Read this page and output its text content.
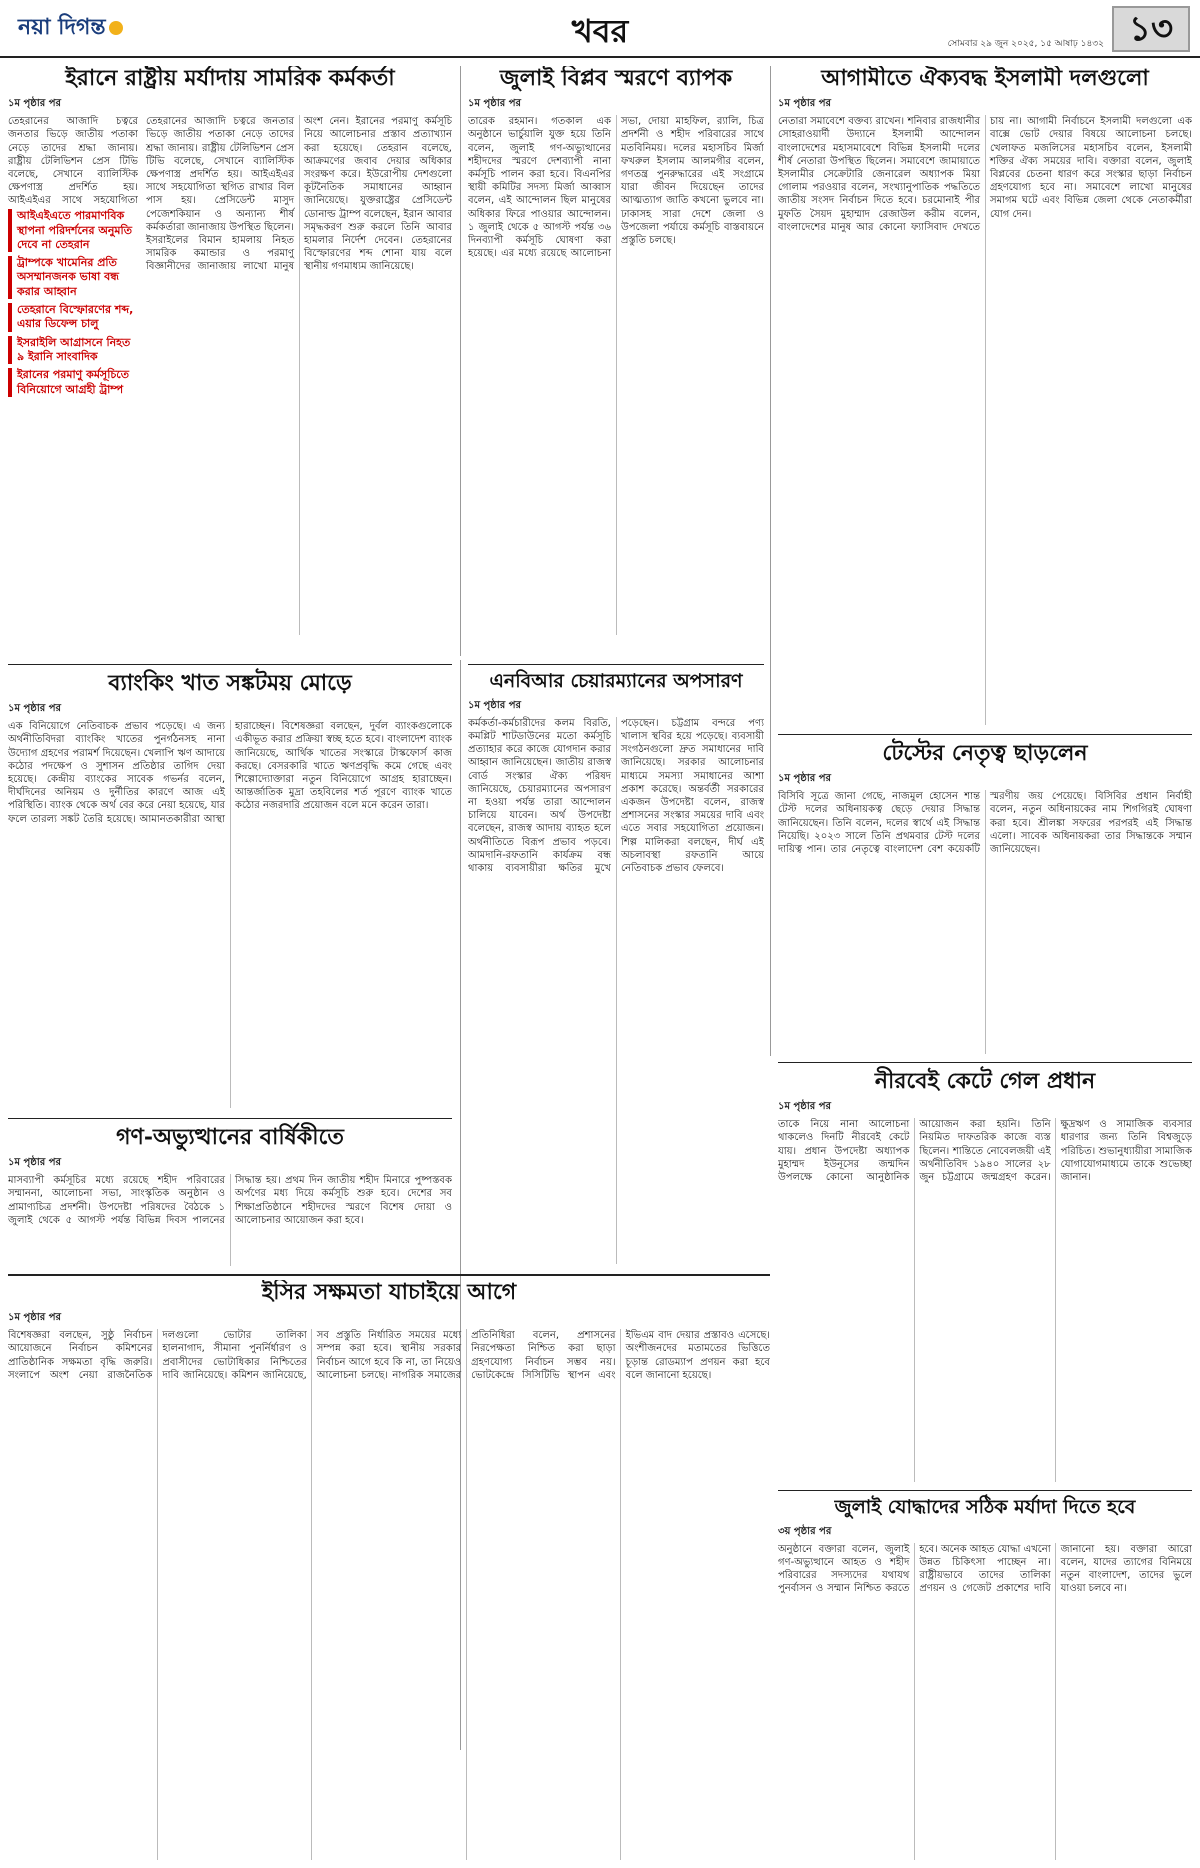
নয়া দিগন্ত	খবর	সোমবার ২৯ জুন ২০২৫, ১৫ আষাঢ় ১৪৩২ ১৩
ইরানে রাষ্ট্রীয় মর্যাদায় সামরিক কর্মকর্তা
১ম পৃষ্ঠার পর
তেহরানের আজাদি চত্বরে জনতার ভিড়ে জাতীয় পতাকা নেড়ে তাদের শ্রদ্ধা জানায়। রাষ্ট্রীয় টেলিভিশন প্রেস টিভি বলেছে, সেখানে ব্যালিস্টিক ক্ষেপণাস্ত্র প্রদর্শিত হয়। আইএইএর সাথে সহযোগিতা
আইএইএতে পারমাণবিক স্থাপনা পরিদর্শনের অনুমতি দেবে না তেহরান
ট্রাম্পকে খামেনির প্রতি অসম্মানজনক ভাষা বন্ধ করার আহ্বান
তেহরানে বিস্ফোরণের শব্দ, এয়ার ডিফেন্স চালু
ইসরাইলি আগ্রাসনে নিহত ৯ ইরানি সাংবাদিক
ইরানের পরমাণু কর্মসূচিতে বিনিয়োগে আগ্রহী ট্রাম্প
তেহরানের আজাদি চত্বরে জনতার ভিড়ে জাতীয় পতাকা নেড়ে তাদের শ্রদ্ধা জানায়। রাষ্ট্রীয় টেলিভিশন প্রেস টিভি বলেছে, সেখানে ব্যালিস্টিক ক্ষেপণাস্ত্র প্রদর্শিত হয়। আইএইএর সাথে সহযোগিতা স্থগিত রাখার বিল পাস হয়। প্রেসিডেন্ট মাসুদ পেজেশকিয়ান ও অন্যান্য শীর্ষ কর্মকর্তারা জানাজায় উপস্থিত ছিলেন। ইসরাইলের বিমান হামলায় নিহত সামরিক কমান্ডার ও পরমাণু বিজ্ঞানীদের জানাজায় লাখো মানুষ অংশ নেন। ইরানের পরমাণু কর্মসূচি নিয়ে আলোচনার প্রস্তাব প্রত্যাখ্যান করা হয়েছে। তেহরান বলেছে, আক্রমণের জবাব দেয়ার অধিকার সংরক্ষণ করে। ইউরোপীয় দেশগুলো কূটনৈতিক সমাধানের আহ্বান জানিয়েছে। যুক্তরাষ্ট্রের প্রেসিডেন্ট ডোনাল্ড ট্রাম্প বলেছেন, ইরান আবার সমৃদ্ধকরণ শুরু করলে তিনি আবার হামলার নির্দেশ দেবেন। তেহরানের বিস্ফোরণের শব্দ শোনা যায় বলে স্থানীয় গণমাধ্যম জানিয়েছে।
ব্যাংকিং খাত সঙ্কটময় মোড়ে
১ম পৃষ্ঠার পর
এক বিনিয়োগে নেতিবাচক প্রভাব পড়েছে। এ জন্য অর্থনীতিবিদরা ব্যাংকিং খাতের পুনর্গঠনসহ নানা উদ্যোগ গ্রহণের পরামর্শ দিয়েছেন। খেলাপি ঋণ আদায়ে কঠোর পদক্ষেপ ও সুশাসন প্রতিষ্ঠার তাগিদ দেয়া হয়েছে। কেন্দ্রীয় ব্যাংকের সাবেক গভর্নর বলেন, দীর্ঘদিনের অনিয়ম ও দুর্নীতির কারণে আজ এই পরিস্থিতি। ব্যাংক থেকে অর্থ বের করে নেয়া হয়েছে, যার ফলে তারল্য সঙ্কট তৈরি হয়েছে। আমানতকারীরা আস্থা হারাচ্ছেন। বিশেষজ্ঞরা বলছেন, দুর্বল ব্যাংকগুলোকে একীভূত করার প্রক্রিয়া স্বচ্ছ হতে হবে। বাংলাদেশ ব্যাংক জানিয়েছে, আর্থিক খাতের সংস্কারে টাস্কফোর্স কাজ করছে। বেসরকারি খাতে ঋণপ্রবৃদ্ধি কমে গেছে এবং শিল্পোদ্যোক্তারা নতুন বিনিয়োগে আগ্রহ হারাচ্ছেন। আন্তর্জাতিক মুদ্রা তহবিলের শর্ত পূরণে ব্যাংক খাতে কঠোর নজরদারি প্রয়োজন বলে মনে করেন তারা।
গণ-অভ্যুত্থানের বার্ষিকীতে
১ম পৃষ্ঠার পর
মাসব্যাপী কর্মসূচির মধ্যে রয়েছে শহীদ পরিবারের সম্মাননা, আলোচনা সভা, সাংস্কৃতিক অনুষ্ঠান ও প্রামাণ্যচিত্র প্রদর্শনী। উপদেষ্টা পরিষদের বৈঠকে ১ জুলাই থেকে ৫ আগস্ট পর্যন্ত বিভিন্ন দিবস পালনের সিদ্ধান্ত হয়। প্রথম দিন জাতীয় শহীদ মিনারে পুষ্পস্তবক অর্পণের মধ্য দিয়ে কর্মসূচি শুরু হবে। দেশের সব শিক্ষাপ্রতিষ্ঠানে শহীদদের স্মরণে বিশেষ দোয়া ও আলোচনার আয়োজন করা হবে।
জুলাই বিপ্লব স্মরণে ব্যাপক
১ম পৃষ্ঠার পর
তারেক রহমান। গতকাল এক অনুষ্ঠানে ভার্চুয়ালি যুক্ত হয়ে তিনি বলেন, জুলাই গণ-অভ্যুত্থানের শহীদদের স্মরণে দেশব্যাপী নানা কর্মসূচি পালন করা হবে। বিএনপির স্থায়ী কমিটির সদস্য মির্জা আব্বাস বলেন, এই আন্দোলন ছিল মানুষের অধিকার ফিরে পাওয়ার আন্দোলন। ১ জুলাই থেকে ৫ আগস্ট পর্যন্ত ৩৬ দিনব্যাপী কর্মসূচি ঘোষণা করা হয়েছে। এর মধ্যে রয়েছে আলোচনা সভা, দোয়া মাহফিল, র‍্যালি, চিত্র প্রদর্শনী ও শহীদ পরিবারের সাথে মতবিনিময়। দলের মহাসচিব মির্জা ফখরুল ইসলাম আলমগীর বলেন, গণতন্ত্র পুনরুদ্ধারের এই সংগ্রামে যারা জীবন দিয়েছেন তাদের আত্মত্যাগ জাতি কখনো ভুলবে না। ঢাকাসহ সারা দেশে জেলা ও উপজেলা পর্যায়ে কর্মসূচি বাস্তবায়নে প্রস্তুতি চলছে।
এনবিআর চেয়ারম্যানের অপসারণ
১ম পৃষ্ঠার পর
কর্মকর্তা-কর্মচারীদের কলম বিরতি, কমপ্লিট শাটডাউনের মতো কর্মসূচি প্রত্যাহার করে কাজে যোগদান করার আহ্বান জানিয়েছেন। জাতীয় রাজস্ব বোর্ড সংস্কার ঐক্য পরিষদ জানিয়েছে, চেয়ারম্যানের অপসারণ না হওয়া পর্যন্ত তারা আন্দোলন চালিয়ে যাবেন। অর্থ উপদেষ্টা বলেছেন, রাজস্ব আদায় ব্যাহত হলে অর্থনীতিতে বিরূপ প্রভাব পড়বে। আমদানি-রফতানি কার্যক্রম বন্ধ থাকায় ব্যবসায়ীরা ক্ষতির মুখে পড়েছেন। চট্টগ্রাম বন্দরে পণ্য খালাস স্থবির হয়ে পড়েছে। ব্যবসায়ী সংগঠনগুলো দ্রুত সমাধানের দাবি জানিয়েছে। সরকার আলোচনার মাধ্যমে সমস্যা সমাধানের আশা প্রকাশ করেছে। অন্তর্বর্তী সরকারের একজন উপদেষ্টা বলেন, রাজস্ব প্রশাসনের সংস্কার সময়ের দাবি এবং এতে সবার সহযোগিতা প্রয়োজন। শিল্প মালিকরা বলছেন, দীর্ঘ এই অচলাবস্থা রফতানি আয়ে নেতিবাচক প্রভাব ফেলবে।
আগামীতে ঐক্যবদ্ধ ইসলামী দলগুলো
১ম পৃষ্ঠার পর
নেতারা সমাবেশে বক্তব্য রাখেন। শনিবার রাজধানীর সোহরাওয়ার্দী উদ্যানে ইসলামী আন্দোলন বাংলাদেশের মহাসমাবেশে বিভিন্ন ইসলামী দলের শীর্ষ নেতারা উপস্থিত ছিলেন। সমাবেশে জামায়াতে ইসলামীর সেক্রেটারি জেনারেল অধ্যাপক মিয়া গোলাম পরওয়ার বলেন, সংখ্যানুপাতিক পদ্ধতিতে জাতীয় সংসদ নির্বাচন দিতে হবে। চরমোনাই পীর মুফতি সৈয়দ মুহাম্মাদ রেজাউল করীম বলেন, বাংলাদেশের মানুষ আর কোনো ফ্যাসিবাদ দেখতে চায় না। আগামী নির্বাচনে ইসলামী দলগুলো এক বাক্সে ভোট দেয়ার বিষয়ে আলোচনা চলছে। খেলাফত মজলিসের মহাসচিব বলেন, ইসলামী শক্তির ঐক্য সময়ের দাবি। বক্তারা বলেন, জুলাই বিপ্লবের চেতনা ধারণ করে সংস্কার ছাড়া নির্বাচন গ্রহণযোগ্য হবে না। সমাবেশে লাখো মানুষের সমাগম ঘটে এবং বিভিন্ন জেলা থেকে নেতাকর্মীরা যোগ দেন।
টেস্টের নেতৃত্ব ছাড়লেন
১ম পৃষ্ঠার পর
বিসিবি সূত্রে জানা গেছে, নাজমুল হোসেন শান্ত টেস্ট দলের অধিনায়কত্ব ছেড়ে দেয়ার সিদ্ধান্ত জানিয়েছেন। তিনি বলেন, দলের স্বার্থে এই সিদ্ধান্ত নিয়েছি। ২০২৩ সালে তিনি প্রথমবার টেস্ট দলের দায়িত্ব পান। তার নেতৃত্বে বাংলাদেশ বেশ কয়েকটি স্মরণীয় জয় পেয়েছে। বিসিবির প্রধান নির্বাহী বলেন, নতুন অধিনায়কের নাম শিগগিরই ঘোষণা করা হবে। শ্রীলঙ্কা সফরের পরপরই এই সিদ্ধান্ত এলো। সাবেক অধিনায়করা তার সিদ্ধান্তকে সম্মান জানিয়েছেন।
নীরবেই কেটে গেল প্রধান
১ম পৃষ্ঠার পর
তাকে নিয়ে নানা আলোচনা থাকলেও দিনটি নীরবেই কেটে যায়। প্রধান উপদেষ্টা অধ্যাপক মুহাম্মদ ইউনূসের জন্মদিন উপলক্ষে কোনো আনুষ্ঠানিক আয়োজন করা হয়নি। তিনি নিয়মিত দাফতরিক কাজে ব্যস্ত ছিলেন। শান্তিতে নোবেলজয়ী এই অর্থনীতিবিদ ১৯৪০ সালের ২৮ জুন চট্টগ্রামে জন্মগ্রহণ করেন। ক্ষুদ্রঋণ ও সামাজিক ব্যবসার ধারণার জন্য তিনি বিশ্বজুড়ে পরিচিত। শুভানুধ্যায়ীরা সামাজিক যোগাযোগমাধ্যমে তাকে শুভেচ্ছা জানান।
ইসির সক্ষমতা যাচাইয়ে আগে
১ম পৃষ্ঠার পর
বিশেষজ্ঞরা বলছেন, সুষ্ঠু নির্বাচন আয়োজনে নির্বাচন কমিশনের প্রাতিষ্ঠানিক সক্ষমতা বৃদ্ধি জরুরি। সংলাপে অংশ নেয়া রাজনৈতিক দলগুলো ভোটার তালিকা হালনাগাদ, সীমানা পুনর্নির্ধারণ ও প্রবাসীদের ভোটাধিকার নিশ্চিতের দাবি জানিয়েছে। কমিশন জানিয়েছে, সব প্রস্তুতি নির্ধারিত সময়ের মধ্যে সম্পন্ন করা হবে। স্থানীয় সরকার নির্বাচন আগে হবে কি না, তা নিয়েও আলোচনা চলছে। নাগরিক সমাজের প্রতিনিধিরা বলেন, প্রশাসনের নিরপেক্ষতা নিশ্চিত করা ছাড়া গ্রহণযোগ্য নির্বাচন সম্ভব নয়। ভোটকেন্দ্রে সিসিটিভি স্থাপন এবং ইভিএম বাদ দেয়ার প্রস্তাবও এসেছে। অংশীজনদের মতামতের ভিত্তিতে চূড়ান্ত রোডম্যাপ প্রণয়ন করা হবে বলে জানানো হয়েছে।
জুলাই যোদ্ধাদের সঠিক মর্যাদা দিতে হবে
৩য় পৃষ্ঠার পর
অনুষ্ঠানে বক্তারা বলেন, জুলাই গণ-অভ্যুত্থানে আহত ও শহীদ পরিবারের সদস্যদের যথাযথ পুনর্বাসন ও সম্মান নিশ্চিত করতে হবে। অনেক আহত যোদ্ধা এখনো উন্নত চিকিৎসা পাচ্ছেন না। রাষ্ট্রীয়ভাবে তাদের তালিকা প্রণয়ন ও গেজেট প্রকাশের দাবি জানানো হয়। বক্তারা আরো বলেন, যাদের ত্যাগের বিনিময়ে নতুন বাংলাদেশ, তাদের ভুলে যাওয়া চলবে না।
